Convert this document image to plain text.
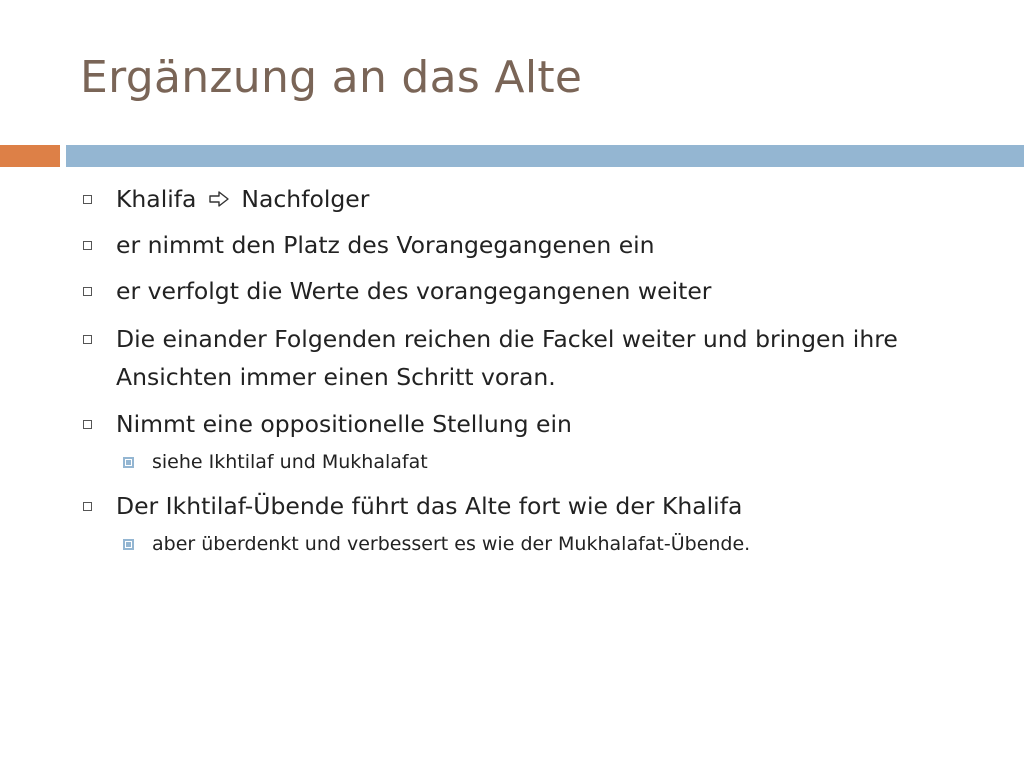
Ergänzung an das Alte
Khalifa Nachfolger
er nimmt den Platz des Vorangegangenen ein
er verfolgt die Werte des vorangegangenen weiter
Die einander Folgenden reichen die Fackel weiter und bringen ihre Ansichten immer einen Schritt voran.
Nimmt eine oppositionelle Stellung ein
siehe Ikhtilaf und Mukhalafat
Der Ikhtilaf-Übende führt das Alte fort wie der Khalifa
aber überdenkt und verbessert es wie der Mukhalafat-Übende.
